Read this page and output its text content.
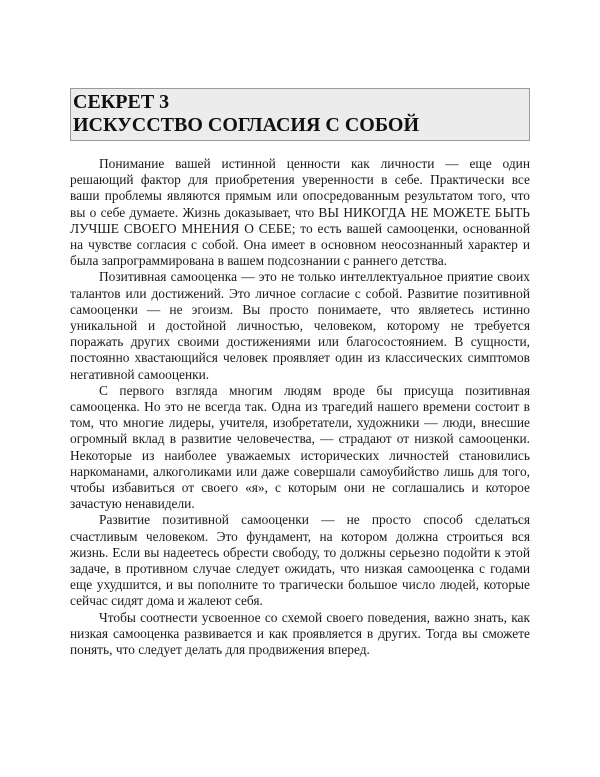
СЕКРЕТ 3
ИСКУССТВО СОГЛАСИЯ С СОБОЙ

Понимание вашей истинной ценности как личности — еще один решающий фактор для приобретения уверенности в себе. Практически все ваши проблемы являются прямым или опосредованным результатом того, что вы о себе думаете. Жизнь доказывает, что ВЫ НИКОГДА НЕ МОЖЕТЕ БЫТЬ ЛУЧШЕ СВОЕГО МНЕНИЯ О СЕБЕ; то есть вашей самооценки, основанной на чувстве согласия с собой. Она имеет в основном неосознанный характер и была запрограммирована в вашем подсознании с раннего детства.

Позитивная самооценка — это не только интеллектуальное приятие своих талантов или достижений. Это личное согласие с собой. Развитие позитивной самооценки — не эгоизм. Вы просто понимаете, что являетесь истинно уникальной и достойной личностью, человеком, которому не требуется поражать других своими достижениями или благосостоянием. В сущности, постоянно хвастающийся человек проявляет один из классических симптомов негативной самооценки.

С первого взгляда многим людям вроде бы присуща позитивная самооценка. Но это не всегда так. Одна из трагедий нашего времени состоит в том, что многие лидеры, учителя, изобретатели, художники — люди, внесшие огромный вклад в развитие человечества, — страдают от низкой самооценки. Некоторые из наиболее уважаемых исторических личностей становились наркоманами, алкоголиками или даже совершали самоубийство лишь для того, чтобы избавиться от своего «я», с которым они не соглашались и которое зачастую ненавидели.

Развитие позитивной самооценки — не просто способ сделаться счастливым человеком. Это фундамент, на котором должна строиться вся жизнь. Если вы надеетесь обрести свободу, то должны серьезно подойти к этой задаче, в противном случае следует ожидать, что низкая самооценка с годами еще ухудшится, и вы пополните то трагически большое число людей, которые сейчас сидят дома и жалеют себя.

Чтобы соотнести усвоенное со схемой своего поведения, важно знать, как низкая самооценка развивается и как проявляется в других. Тогда вы сможете понять, что следует делать для продвижения вперед.
